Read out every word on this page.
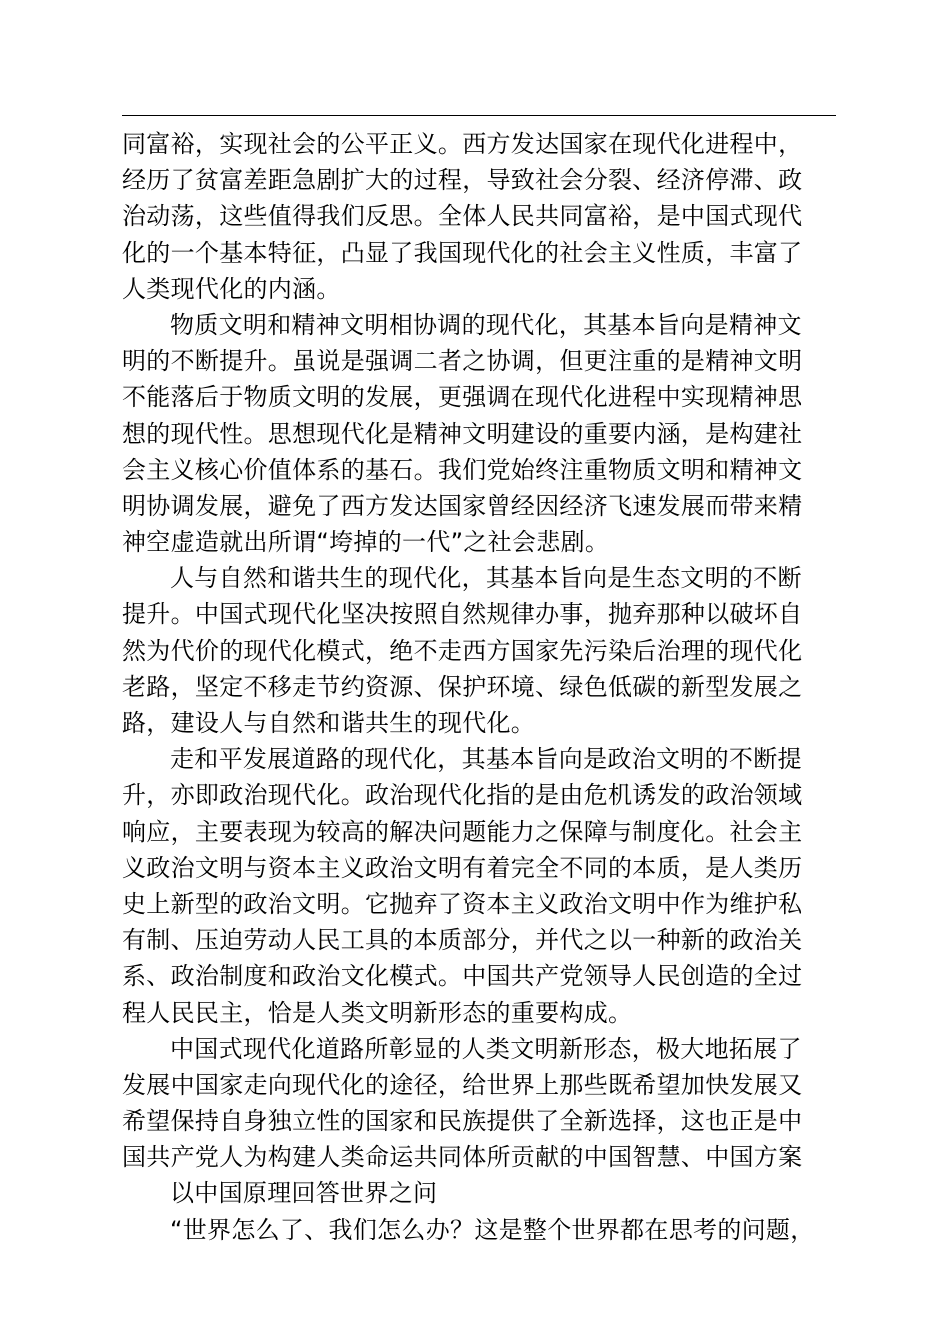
同富裕，实现社会的公平正义。西方发达国家在现代化进程中，
经历了贫富差距急剧扩大的过程，导致社会分裂、经济停滞、政
治动荡，这些值得我们反思。全体人民共同富裕，是中国式现代
化的一个基本特征，凸显了我国现代化的社会主义性质，丰富了
人类现代化的内涵。
物质文明和精神文明相协调的现代化，其基本旨向是精神文
明的不断提升。虽说是强调二者之协调，但更注重的是精神文明
不能落后于物质文明的发展，更强调在现代化进程中实现精神思
想的现代性。思想现代化是精神文明建设的重要内涵，是构建社
会主义核心价值体系的基石。我们党始终注重物质文明和精神文
明协调发展，避免了西方发达国家曾经因经济飞速发展而带来精
神空虚造就出所谓“垮掉的一代”之社会悲剧。
人与自然和谐共生的现代化，其基本旨向是生态文明的不断
提升。中国式现代化坚决按照自然规律办事，抛弃那种以破坏自
然为代价的现代化模式，绝不走西方国家先污染后治理的现代化
老路，坚定不移走节约资源、保护环境、绿色低碳的新型发展之
路，建设人与自然和谐共生的现代化。
走和平发展道路的现代化，其基本旨向是政治文明的不断提
升，亦即政治现代化。政治现代化指的是由危机诱发的政治领域
响应，主要表现为较高的解决问题能力之保障与制度化。社会主
义政治文明与资本主义政治文明有着完全不同的本质，是人类历
史上新型的政治文明。它抛弃了资本主义政治文明中作为维护私
有制、压迫劳动人民工具的本质部分，并代之以一种新的政治关
系、政治制度和政治文化模式。中国共产党领导人民创造的全过
程人民民主，恰是人类文明新形态的重要构成。
中国式现代化道路所彰显的人类文明新形态，极大地拓展了
发展中国家走向现代化的途径，给世界上那些既希望加快发展又
希望保持自身独立性的国家和民族提供了全新选择，这也正是中
国共产党人为构建人类命运共同体所贡献的中国智慧、中国方案
以中国原理回答世界之问
“世界怎么了、我们怎么办？这是整个世界都在思考的问题，
